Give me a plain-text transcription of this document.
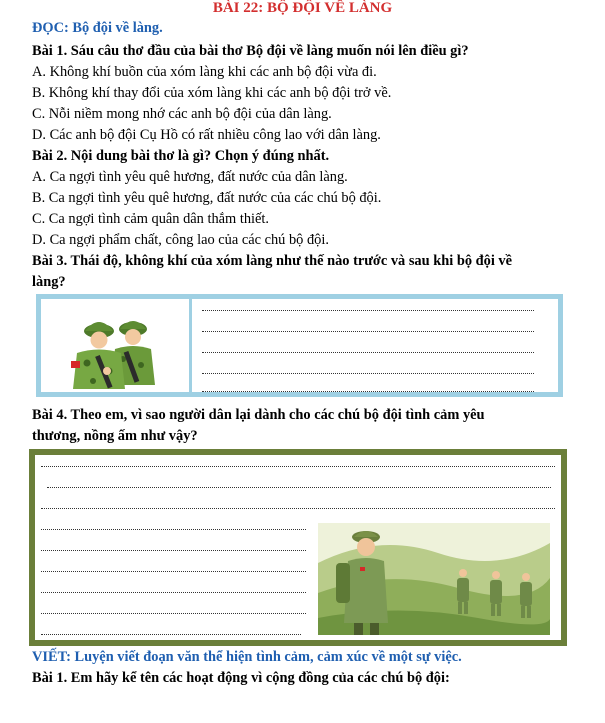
BÀI 22: BỘ ĐỘI VỀ LÀNG
ĐỌC: Bộ đội về làng.
Bài 1. Sáu câu thơ đầu của bài thơ Bộ đội về làng muốn nói lên điều gì?
A. Không khí buồn của xóm làng khi các anh bộ đội vừa đi.
B. Không khí thay đổi của xóm làng khi các anh bộ đội trở về.
C. Nỗi niềm mong nhớ các anh bộ đội của dân làng.
D. Các anh bộ đội Cụ Hồ có rất nhiều công lao với dân làng.
Bài 2. Nội dung bài thơ là gì? Chọn ý đúng nhất.
A. Ca ngợi tình yêu quê hương, đất nước của dân làng.
B. Ca ngợi tình yêu quê hương, đất nước của các chú bộ đội.
C. Ca ngợi tình cảm quân dân thắm thiết.
D. Ca ngợi phẩm chất, công lao của các chú bộ đội.
Bài 3. Thái độ, không khí của xóm làng như thế nào trước và sau khi bộ đội về
làng?
Bài 4. Theo em, vì sao người dân lại dành cho các chú bộ đội tình cảm yêu
thương, nồng ấm như vậy?
VIẾT: Luyện viết đoạn văn thể hiện tình cảm, cảm xúc về một sự việc.
Bài 1. Em hãy kể tên các hoạt động vì cộng đồng của các chú bộ đội:
